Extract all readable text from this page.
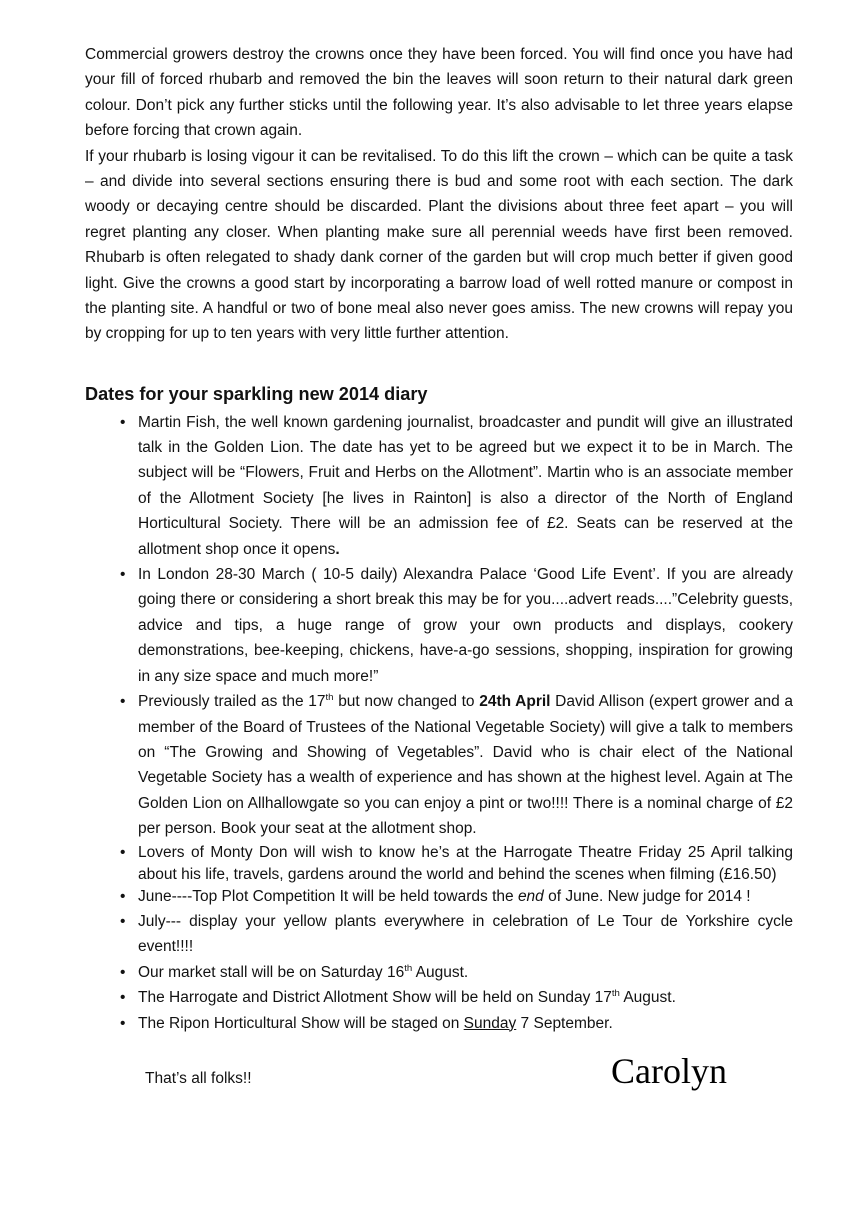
Commercial growers destroy the crowns once they have been forced. You will find once you have had your fill of forced rhubarb and removed the bin the leaves will soon return to their natural dark green colour. Don’t pick any further sticks until the following year. It’s also advisable to let three years elapse before forcing that crown again.

If your rhubarb is losing vigour it can be revitalised. To do this lift the crown – which can be quite a task – and divide into several sections ensuring there is bud and some root with each section. The dark woody or decaying centre should be discarded. Plant the divisions about three feet apart – you will regret planting any closer. When planting make sure all perennial weeds have first been removed. Rhubarb is often relegated to shady dank corner of the garden but will crop much better if given good light. Give the crowns a good start by incorporating a barrow load of well rotted manure or compost in the planting site. A handful or two of bone meal also never goes amiss. The new crowns will repay you by cropping for up to ten years with very little further attention.

Dates for your sparkling new 2014 diary
• Martin Fish, the well known gardening journalist, broadcaster and pundit will give an illustrated talk in the Golden Lion. The date has yet to be agreed but we expect it to be in March. The subject will be “Flowers, Fruit and Herbs on the Allotment”. Martin who is an associate member of the Allotment Society [he lives in Rainton] is also a director of the North of England Horticultural Society. There will be an admission fee of £2. Seats can be reserved at the allotment shop once it opens.
• In London 28-30 March ( 10-5 daily) Alexandra Palace ‘Good Life Event’. If you are already going there or considering a short break this may be for you....advert reads....”Celebrity guests, advice and tips, a huge range of grow your own products and displays, cookery demonstrations, bee-keeping, chickens, have-a-go sessions, shopping, inspiration for growing in any size space and much more!”
• Previously trailed as the 17th but now changed to 24th April David Allison (expert grower and a member of the Board of Trustees of the National Vegetable Society) will give a talk to members on “The Growing and Showing of Vegetables”. David who is chair elect of the National Vegetable Society has a wealth of experience and has shown at the highest level. Again at The Golden Lion on Allhallowgate so you can enjoy a pint or two!!!! There is a nominal charge of £2 per person. Book your seat at the allotment shop.
• Lovers of Monty Don will wish to know he’s at the Harrogate Theatre Friday 25 April talking about his life, travels, gardens around the world and behind the scenes when filming (£16.50)
• June----Top Plot Competition It will be held towards the end of June. New judge for 2014 !
• July--- display your yellow plants everywhere in celebration of Le Tour de Yorkshire cycle event!!!!
• Our market stall will be on Saturday 16th August.
• The Harrogate and District Allotment Show will be held on Sunday 17th August.
• The Ripon Horticultural Show will be staged on Sunday 7 September.
That’s all folks!!	Carolyn
